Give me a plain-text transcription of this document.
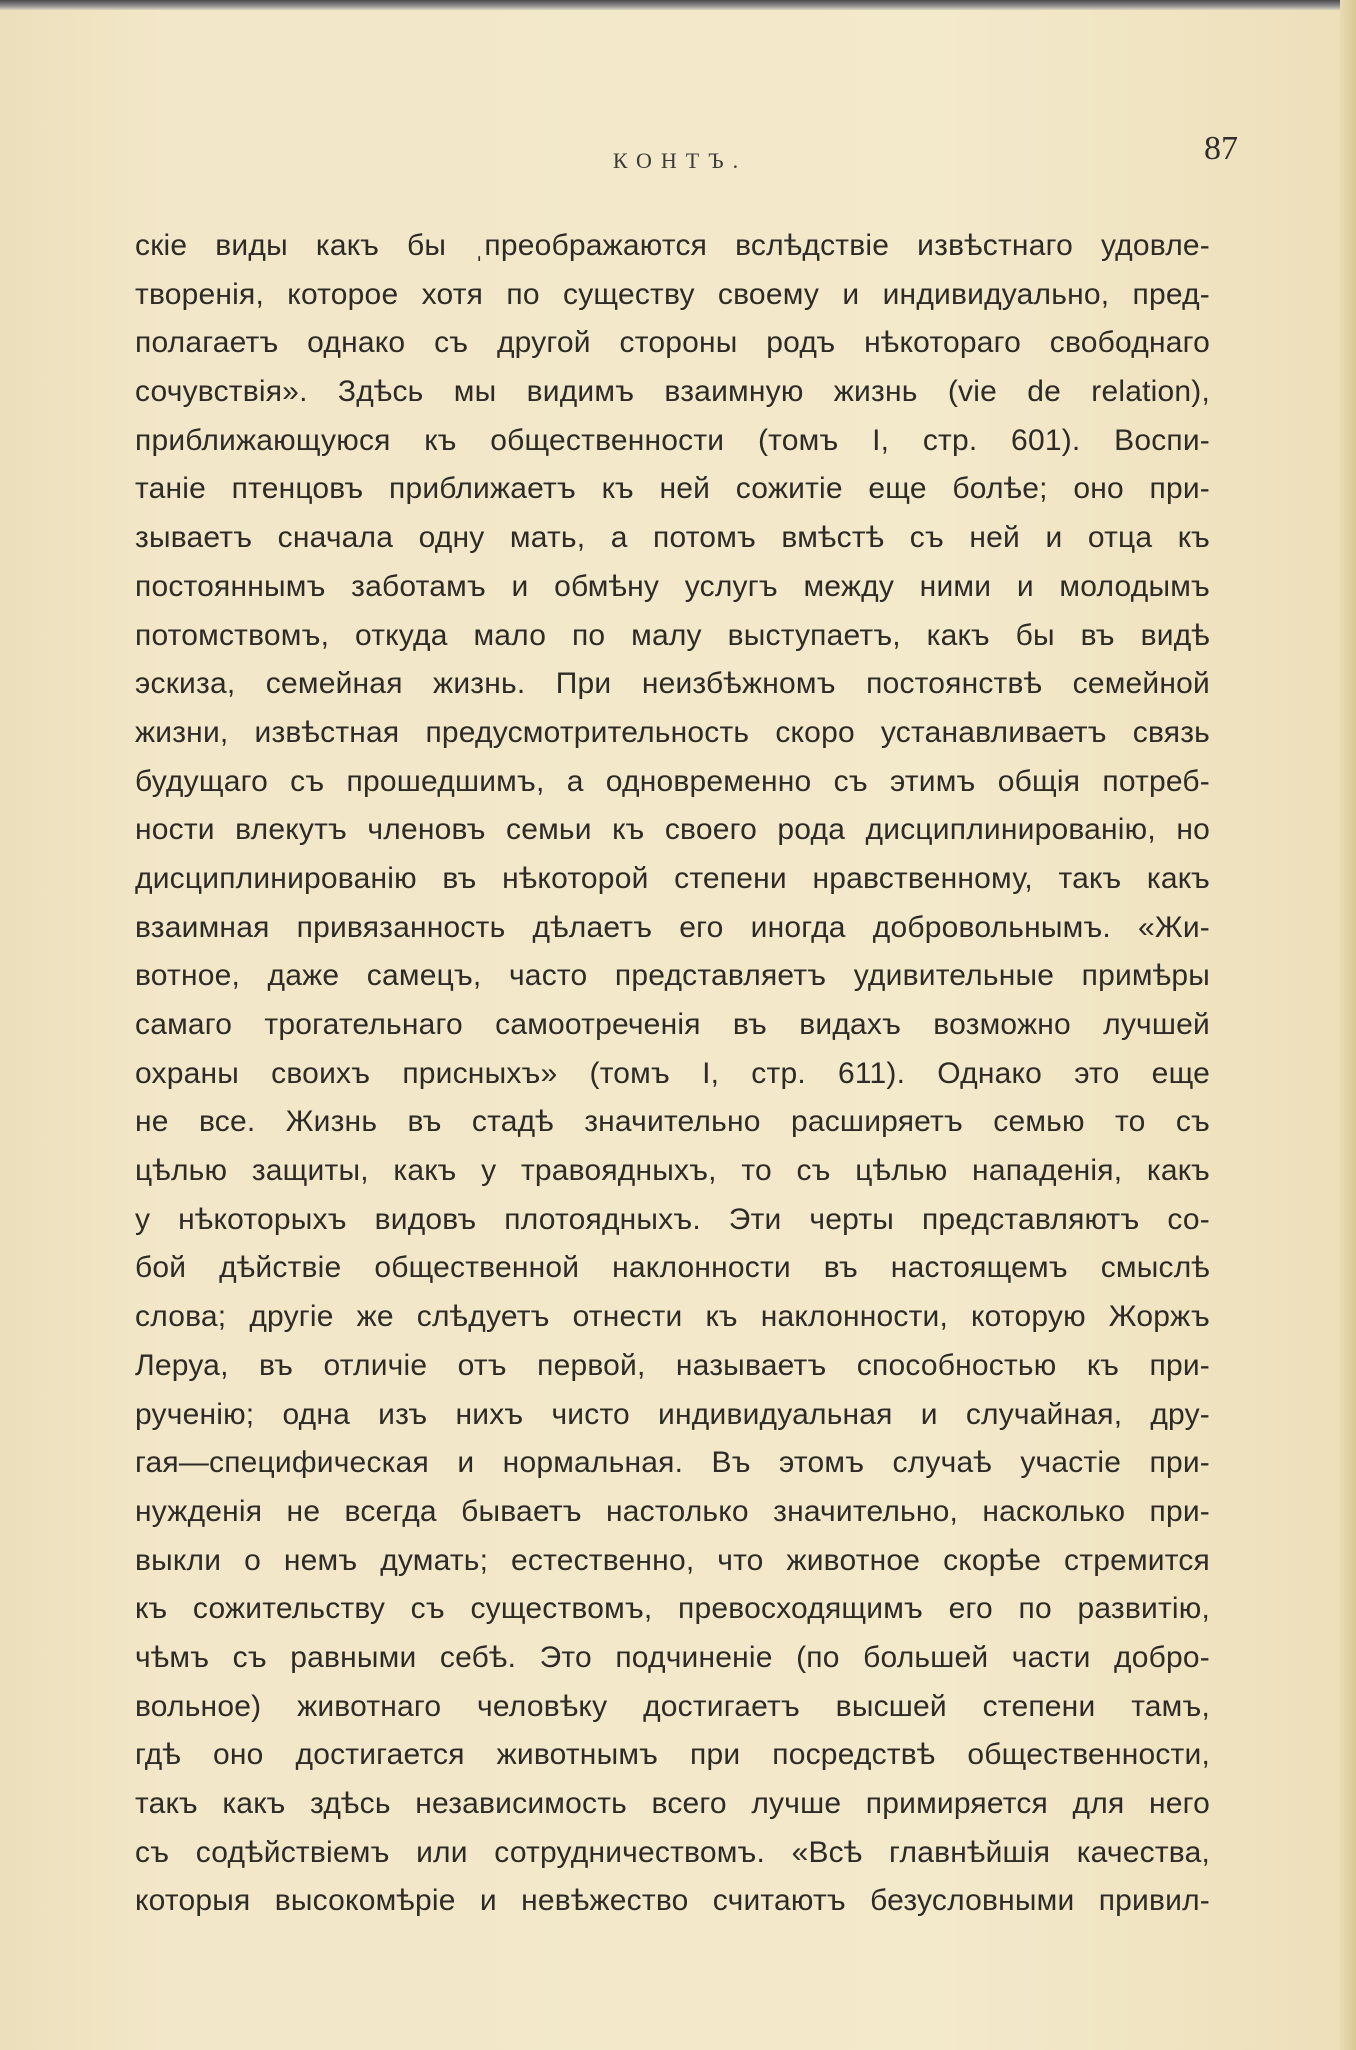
КОНТЪ.	87
скіе виды какъ бы ˌпреображаются вслѣдствіе извѣстнаго удовле-
творенія, которое хотя по существу своему и индивидуально, пред-
полагаетъ однако съ другой стороны родъ нѣкотораго свободнаго
сочувствія». Здѣсь мы видимъ взаимную жизнь (vie de relation),
приближающуюся къ общественности (томъ I, стр. 601). Воспи-
таніе птенцовъ приближаетъ къ ней сожитіе еще болѣе; оно при-
зываетъ сначала одну мать, а потомъ вмѣстѣ съ ней и отца къ
постояннымъ заботамъ и обмѣну услугъ между ними и молодымъ
потомствомъ, откуда мало по малу выступаетъ, какъ бы въ видѣ
эскиза, семейная жизнь. При неизбѣжномъ постоянствѣ семейной
жизни, извѣстная предусмотрительность скоро устанавливаетъ связь
будущаго съ прошедшимъ, а одновременно съ этимъ общія потреб-
ности влекутъ членовъ семьи къ своего рода дисциплинированію, но
дисциплинированію въ нѣкоторой степени нравственному, такъ какъ
взаимная привязанность дѣлаетъ его иногда добровольнымъ. «Жи-
вотное, даже самецъ, часто представляетъ удивительные примѣры
самаго трогательнаго самоотреченія въ видахъ возможно лучшей
охраны своихъ присныхъ» (томъ I, стр. 611). Однако это еще
не все. Жизнь въ стадѣ значительно расширяетъ семью то съ
цѣлью защиты, какъ у травоядныхъ, то съ цѣлью нападенія, какъ
у нѣкоторыхъ видовъ плотоядныхъ. Эти черты представляютъ со-
бой дѣйствіе общественной наклонности въ настоящемъ смыслѣ
слова; другіе же слѣдуетъ отнести къ наклонности, которую Жоржъ
Леруа, въ отличіе отъ первой, называетъ способностью къ при-
рученію; одна изъ нихъ чисто индивидуальная и случайная, дру-
гая—специфическая и нормальная. Въ этомъ случаѣ участіе при-
нужденія не всегда бываетъ настолько значительно, насколько при-
выкли о немъ думать; естественно, что животное скорѣе стремится
къ сожительству съ существомъ, превосходящимъ его по развитію,
чѣмъ съ равными себѣ. Это подчиненіе (по большей части добро-
вольное) животнаго человѣку достигаетъ высшей степени тамъ,
гдѣ оно достигается животнымъ при посредствѣ общественности,
такъ какъ здѣсь независимость всего лучше примиряется для него
съ содѣйствіемъ или сотрудничествомъ. «Всѣ главнѣйшія качества,
которыя высокомѣріе и невѣжество считаютъ безусловными привил-
